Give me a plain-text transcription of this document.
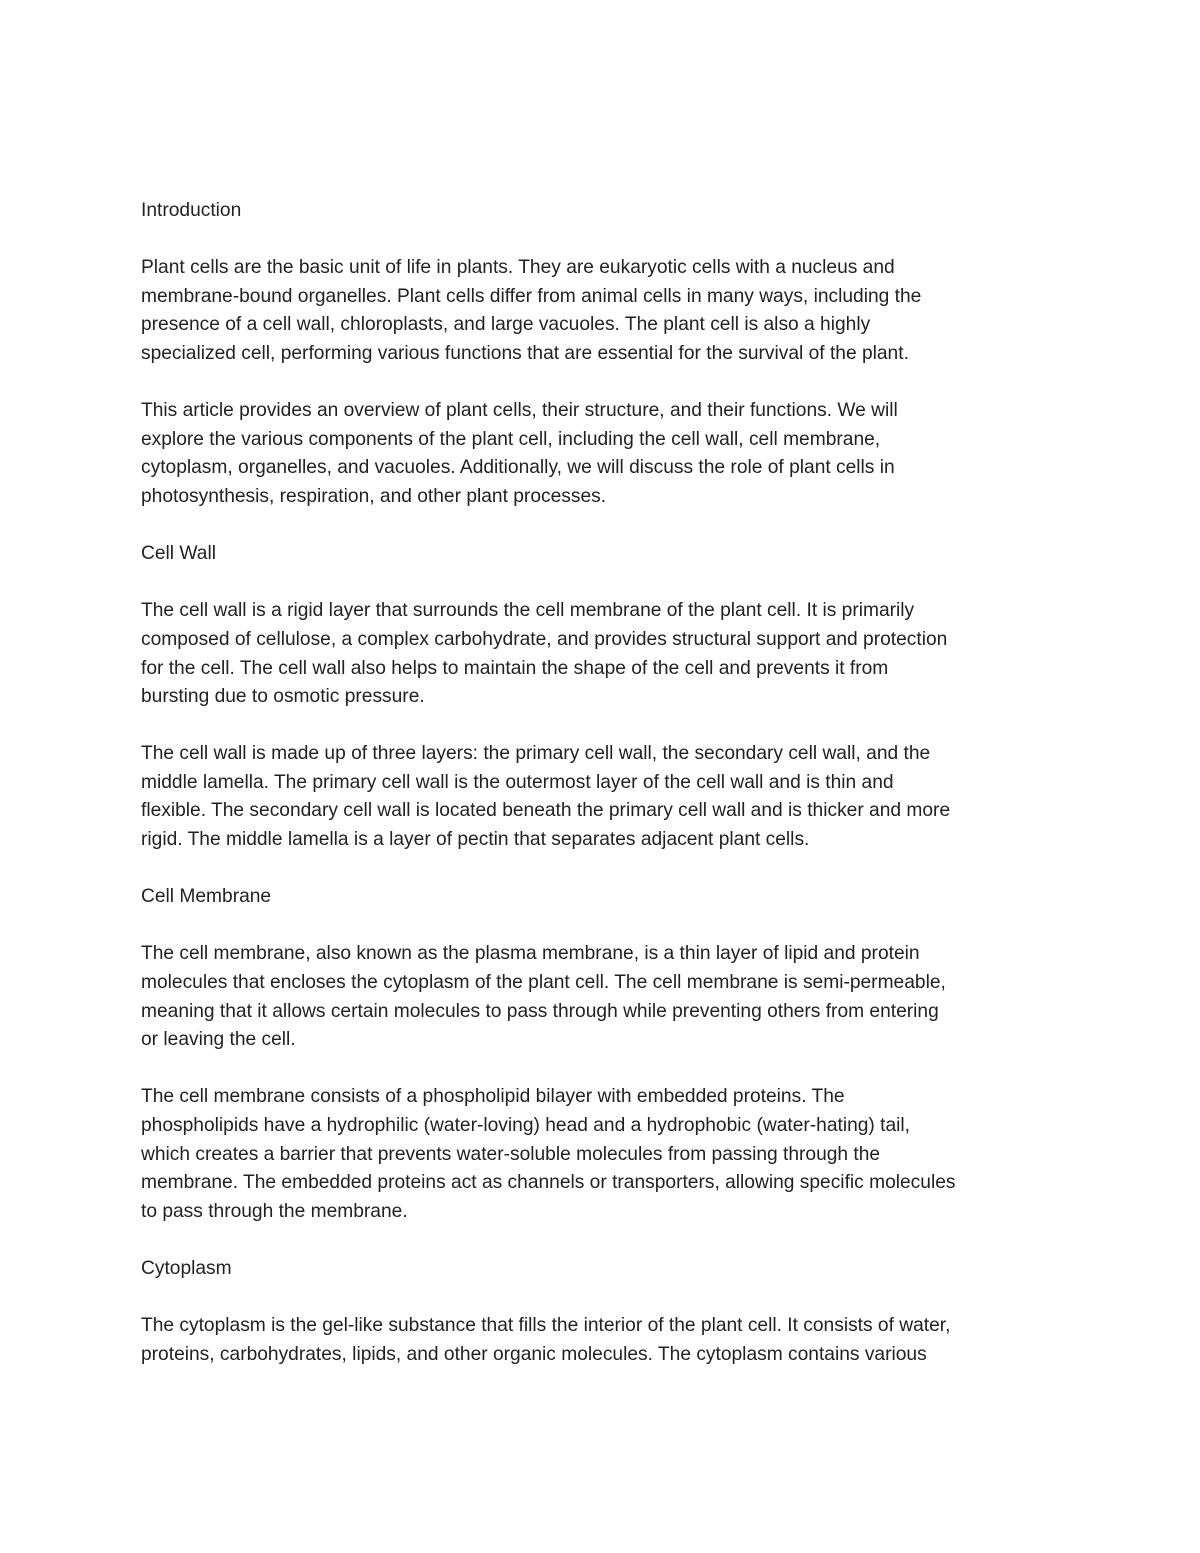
Introduction
Plant cells are the basic unit of life in plants. They are eukaryotic cells with a nucleus and
membrane-bound organelles. Plant cells differ from animal cells in many ways, including the
presence of a cell wall, chloroplasts, and large vacuoles. The plant cell is also a highly
specialized cell, performing various functions that are essential for the survival of the plant.
This article provides an overview of plant cells, their structure, and their functions. We will
explore the various components of the plant cell, including the cell wall, cell membrane,
cytoplasm, organelles, and vacuoles. Additionally, we will discuss the role of plant cells in
photosynthesis, respiration, and other plant processes.
Cell Wall
The cell wall is a rigid layer that surrounds the cell membrane of the plant cell. It is primarily
composed of cellulose, a complex carbohydrate, and provides structural support and protection
for the cell. The cell wall also helps to maintain the shape of the cell and prevents it from
bursting due to osmotic pressure.
The cell wall is made up of three layers: the primary cell wall, the secondary cell wall, and the
middle lamella. The primary cell wall is the outermost layer of the cell wall and is thin and
flexible. The secondary cell wall is located beneath the primary cell wall and is thicker and more
rigid. The middle lamella is a layer of pectin that separates adjacent plant cells.
Cell Membrane
The cell membrane, also known as the plasma membrane, is a thin layer of lipid and protein
molecules that encloses the cytoplasm of the plant cell. The cell membrane is semi-permeable,
meaning that it allows certain molecules to pass through while preventing others from entering
or leaving the cell.
The cell membrane consists of a phospholipid bilayer with embedded proteins. The
phospholipids have a hydrophilic (water-loving) head and a hydrophobic (water-hating) tail,
which creates a barrier that prevents water-soluble molecules from passing through the
membrane. The embedded proteins act as channels or transporters, allowing specific molecules
to pass through the membrane.
Cytoplasm
The cytoplasm is the gel-like substance that fills the interior of the plant cell. It consists of water,
proteins, carbohydrates, lipids, and other organic molecules. The cytoplasm contains various
